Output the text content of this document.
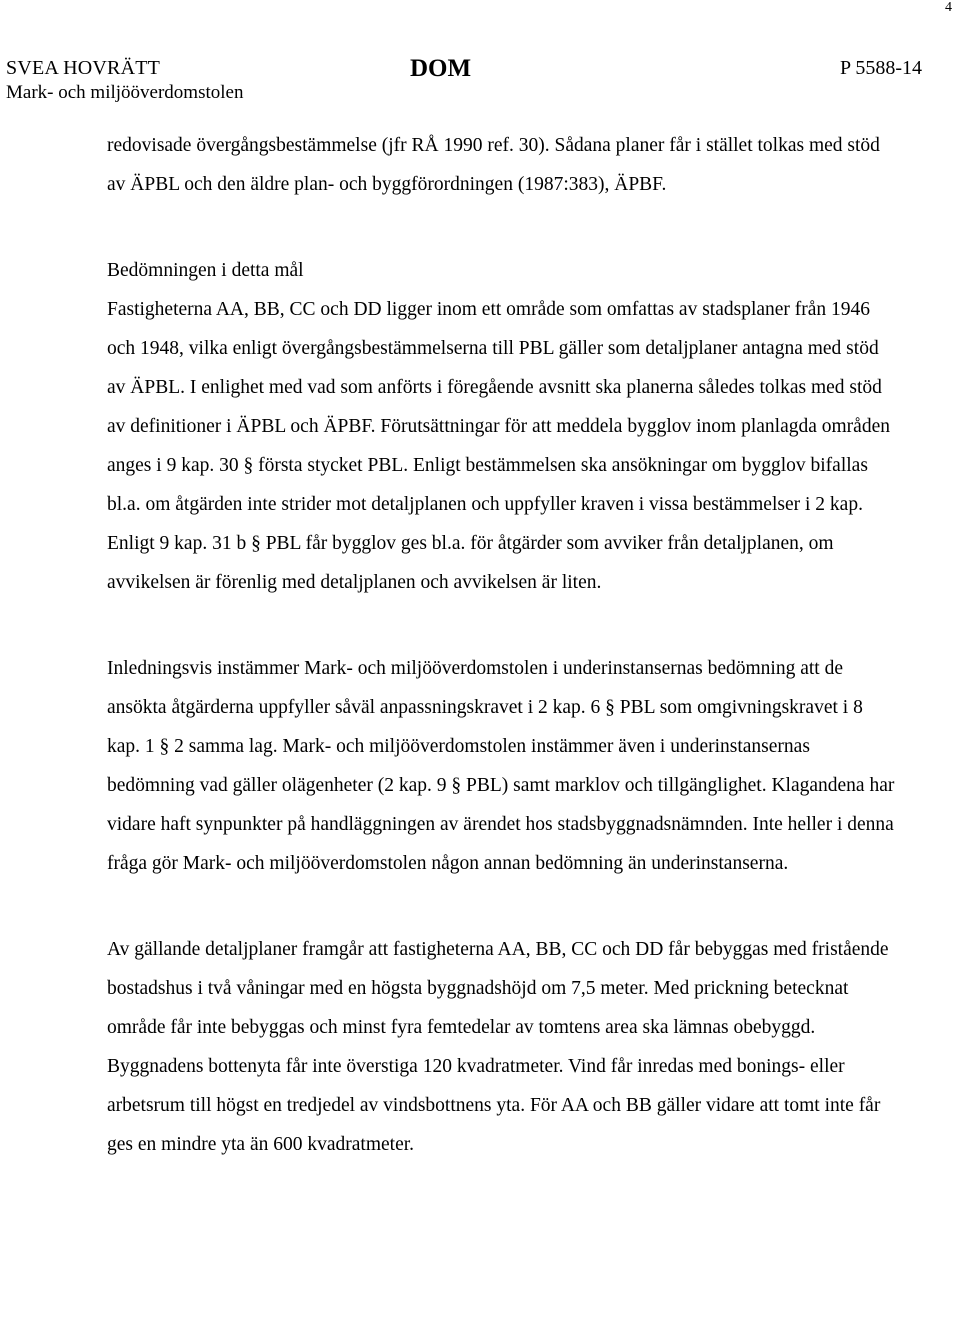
4
SVEA HOVRÄTT
Mark- och miljööverdomstolen
DOM	P 5588-14

redovisade övergångsbestämmelse (jfr RÅ 1990 ref. 30). Sådana planer får i stället tolkas med stöd av ÄPBL och den äldre plan- och byggförordningen (1987:383), ÄPBF.

Bedömningen i detta mål

Fastigheterna AA, BB, CC och DD ligger inom ett område som omfattas av stadsplaner från 1946 och 1948, vilka enligt övergångsbestämmelserna till PBL gäller som detaljplaner antagna med stöd av ÄPBL. I enlighet med vad som anförts i föregående avsnitt ska planerna således tolkas med stöd av definitioner i ÄPBL och ÄPBF. Förutsättningar för att meddela bygglov inom planlagda områden anges i 9 kap. 30 § första stycket PBL. Enligt bestämmelsen ska ansökningar om bygglov bifallas bl.a. om åtgärden inte strider mot detaljplanen och uppfyller kraven i vissa bestämmelser i 2 kap. Enligt 9 kap. 31 b § PBL får bygglov ges bl.a. för åtgärder som avviker från detaljplanen, om avvikelsen är förenlig med detaljplanen och avvikelsen är liten.

Inledningsvis instämmer Mark- och miljööverdomstolen i underinstansernas bedömning att de ansökta åtgärderna uppfyller såväl anpassningskravet i 2 kap. 6 § PBL som omgivningskravet i 8 kap. 1 § 2 samma lag. Mark- och miljööverdomstolen instämmer även i underinstansernas bedömning vad gäller olägenheter (2 kap. 9 § PBL) samt marklov och tillgänglighet. Klagandena har vidare haft synpunkter på handläggningen av ärendet hos stadsbyggnadsnämnden. Inte heller i denna fråga gör Mark- och miljööverdomstolen någon annan bedömning än underinstanserna.

Av gällande detaljplaner framgår att fastigheterna AA, BB, CC och DD får bebyggas med fristående bostadshus i två våningar med en högsta byggnadshöjd om 7,5 meter. Med prickning betecknat område får inte bebyggas och minst fyra femtedelar av tomtens area ska lämnas obebyggd. Byggnadens bottenyta får inte överstiga 120 kvadratmeter. Vind får inredas med bonings- eller arbetsrum till högst en tredjedel av vindsbottnens yta. För AA och BB gäller vidare att tomt inte får ges en mindre yta än 600 kvadratmeter.
